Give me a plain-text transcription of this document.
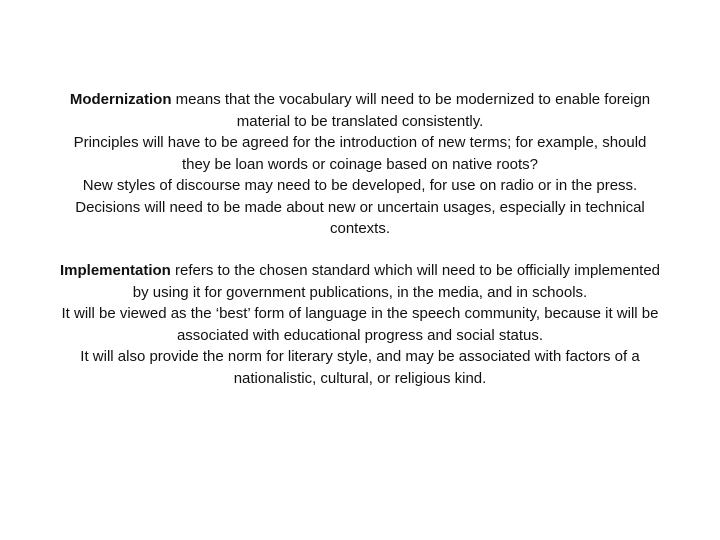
Modernization means that the vocabulary will need to be modernized to enable foreign material to be translated consistently.

Principles will have to be agreed for the introduction of new terms; for example, should they be loan words or coinage based on native roots?

New styles of discourse may need to be developed, for use on radio or in the press. Decisions will need to be made about new or uncertain usages, especially in technical contexts.

Implementation refers to the chosen standard which will need to be officially implemented by using it for government publications, in the media, and in schools.

It will be viewed as the ‘best’ form of language in the speech community, because it will be associated with educational progress and social status.

It will also provide the norm for literary style, and may be associated with factors of a nationalistic, cultural, or religious kind.
